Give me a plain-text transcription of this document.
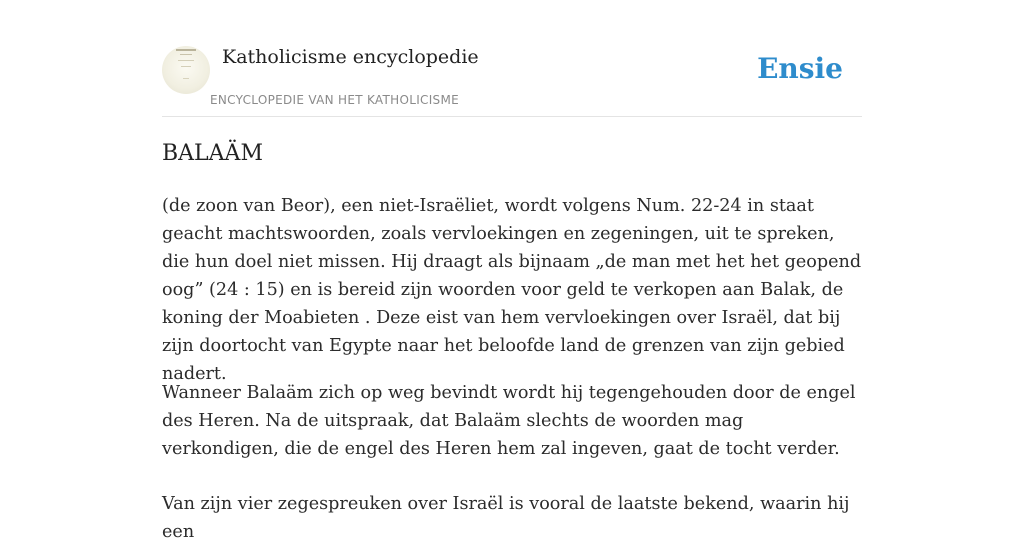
Katholicisme encyclopedie
ENCYCLOPEDIE VAN HET KATHOLICISME
Ensie
BALAÄM

(de zoon van Beor), een niet-Israëliet, wordt volgens Num. 22-24 in staat geacht machtswoorden, zoals vervloekingen en zegeningen, uit te spreken, die hun doel niet missen. Hij draagt als bijnaam „de man met het het geopend oog” (24 : 15) en is bereid zijn woorden voor geld te verkopen aan Balak, de koning der Moabieten . Deze eist van hem vervloekingen over Israël, dat bij zijn doortocht van Egypte naar het beloofde land de grenzen van zijn gebied nadert.

Wanneer Balaäm zich op weg bevindt wordt hij tegengehouden door de engel des Heren. Na de uitspraak, dat Balaäm slechts de woorden mag verkondigen, die de engel des Heren hem zal ingeven, gaat de tocht verder.

Van zijn vier zegespreuken over Israël is vooral de laatste bekend, waarin hij een
